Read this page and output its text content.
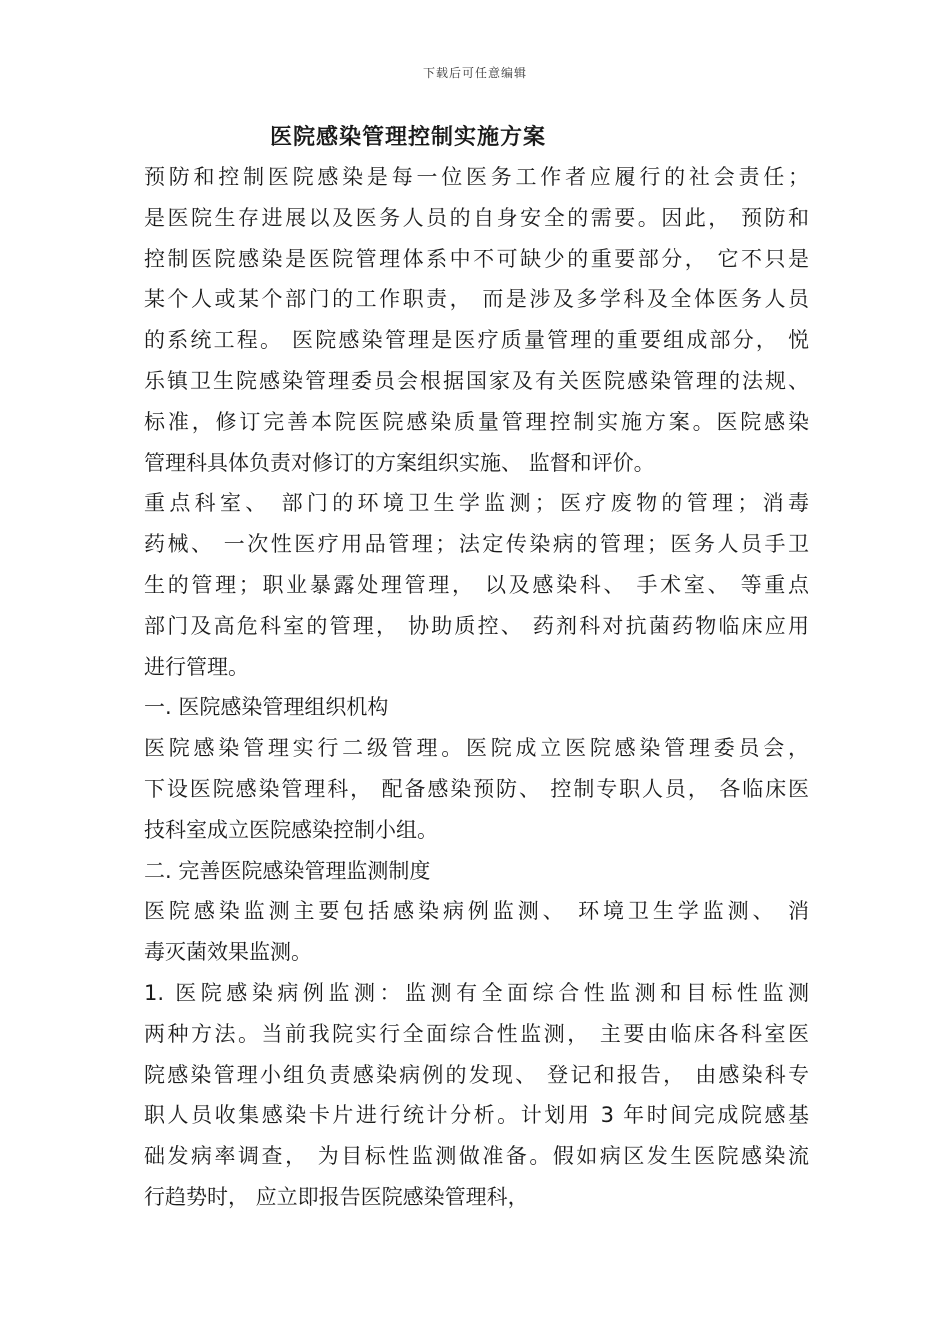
下载后可任意编辑
医院感染管理控制实施方案
预防和控制医院感染是每一位医务工作者应履行的社会责任；
是医院生存进展以及医务人员的自身安全的需要。因此， 预防和
控制医院感染是医院管理体系中不可缺少的重要部分， 它不只是
某个人或某个部门的工作职责， 而是涉及多学科及全体医务人员
的系统工程。 医院感染管理是医疗质量管理的重要组成部分， 悦
乐镇卫生院感染管理委员会根据国家及有关医院感染管理的法规、
标准，修订完善本院医院感染质量管理控制实施方案。医院感染
管理科具体负责对修订的方案组织实施、 监督和评价。
重点科室、 部门的环境卫生学监测；医疗废物的管理；消毒
药械、 一次性医疗用品管理；法定传染病的管理；医务人员手卫
生的管理；职业暴露处理管理， 以及感染科、 手术室、 等重点
部门及高危科室的管理， 协助质控、 药剂科对抗菌药物临床应用
进行管理。
一. 医院感染管理组织机构
医院感染管理实行二级管理。医院成立医院感染管理委员会，
下设医院感染管理科， 配备感染预防、 控制专职人员， 各临床医
技科室成立医院感染控制小组。
二. 完善医院感染管理监测制度
医院感染监测主要包括感染病例监测、 环境卫生学监测、 消
毒灭菌效果监测。
1. 医院感染病例监测：监测有全面综合性监测和目标性监测
两种方法。当前我院实行全面综合性监测， 主要由临床各科室医
院感染管理小组负责感染病例的发现、 登记和报告， 由感染科专
职人员收集感染卡片进行统计分析。计划用 3 年时间完成院感基
础发病率调查， 为目标性监测做准备。假如病区发生医院感染流
行趋势时， 应立即报告医院感染管理科，
